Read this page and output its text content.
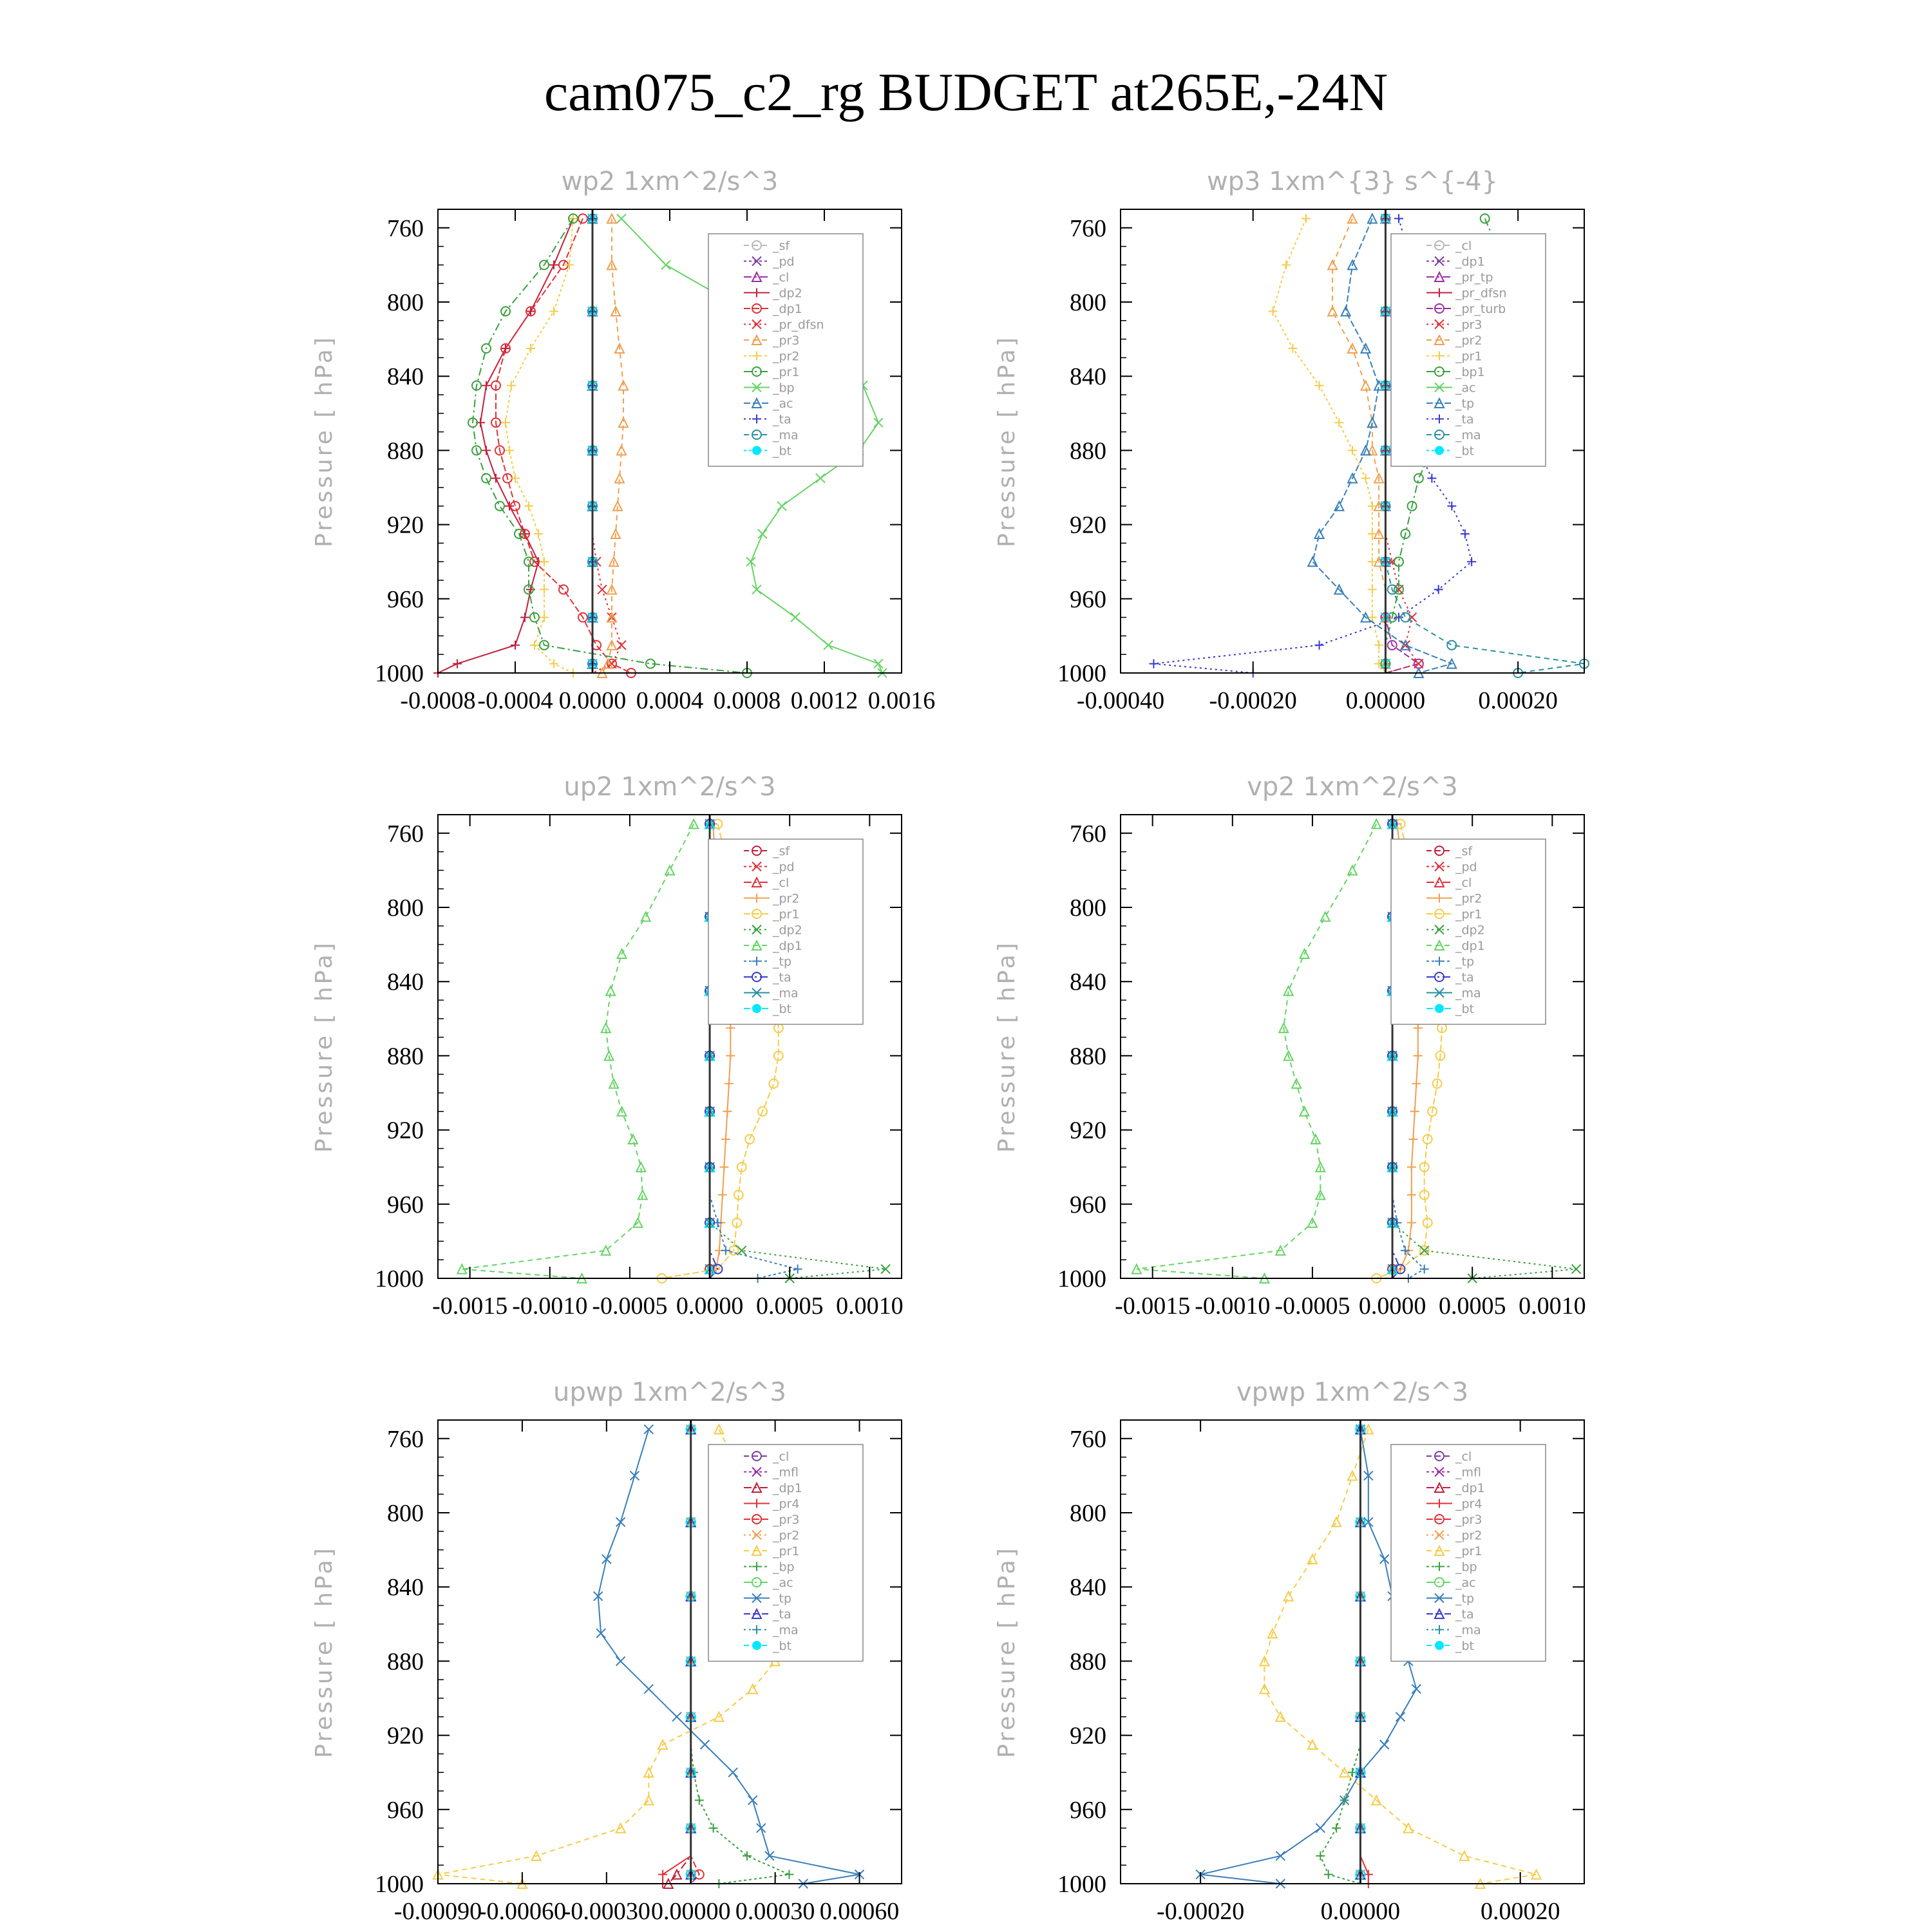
cam075_c2_rg BUDGET at265E,-24N
wp2 1xm^2/s^3
Pressure [ hPa]
760
800
840
880
920
960
1000
-0.0008 -0.0004 0.0000 0.0004 0.0008 0.0012 0.0016
_sf
_pd
_cl
_dp2
_dp1
_pr_dfsn
_pr3
_pr2
_pr1
_bp
_ac
_ta
_ma
_bt
wp3 1xm^{3} s^{-4}
Pressure [ hPa]
760
800
840
880
920
960
1000
-0.00040 -0.00020 0.00000 0.00020
_cl
_dp1
_pr_tp
_pr_dfsn
_pr_turb
_pr3
_pr2
_pr1
_bp1
_ac
_tp
_ta
_ma
_bt
up2 1xm^2/s^3
Pressure [ hPa]
760
800
840
880
920
960
1000
-0.0015 -0.0010 -0.0005 0.0000 0.0005 0.0010
_sf
_pd
_cl
_pr2
_pr1
_dp2
_dp1
_tp
_ta
_ma
_bt
vp2 1xm^2/s^3
Pressure [ hPa]
760
800
840
880
920
960
1000
-0.0015 -0.0010 -0.0005 0.0000 0.0005 0.0010
_sf
_pd
_cl
_pr2
_pr1
_dp2
_dp1
_tp
_ta
_ma
_bt
upwp 1xm^2/s^3
Pressure [ hPa]
760
800
840
880
920
960
1000
-0.00090
-0.00060
-0.00030 0.00000 0.00030 0.00060
_cl
_mfl
_dp1
_pr4
_pr3
_pr2
_pr1
_bp
_ac
_tp
_ta
_ma
_bt
vpwp 1xm^2/s^3
Pressure [ hPa]
760
800
840
880
920
960
1000
-0.00020	0.00000	0.00020
_cl
_mfl
_dp1
_pr4
_pr3
_pr2
_pr1
_bp
_ac
_tp
_ta
_ma
_bt
